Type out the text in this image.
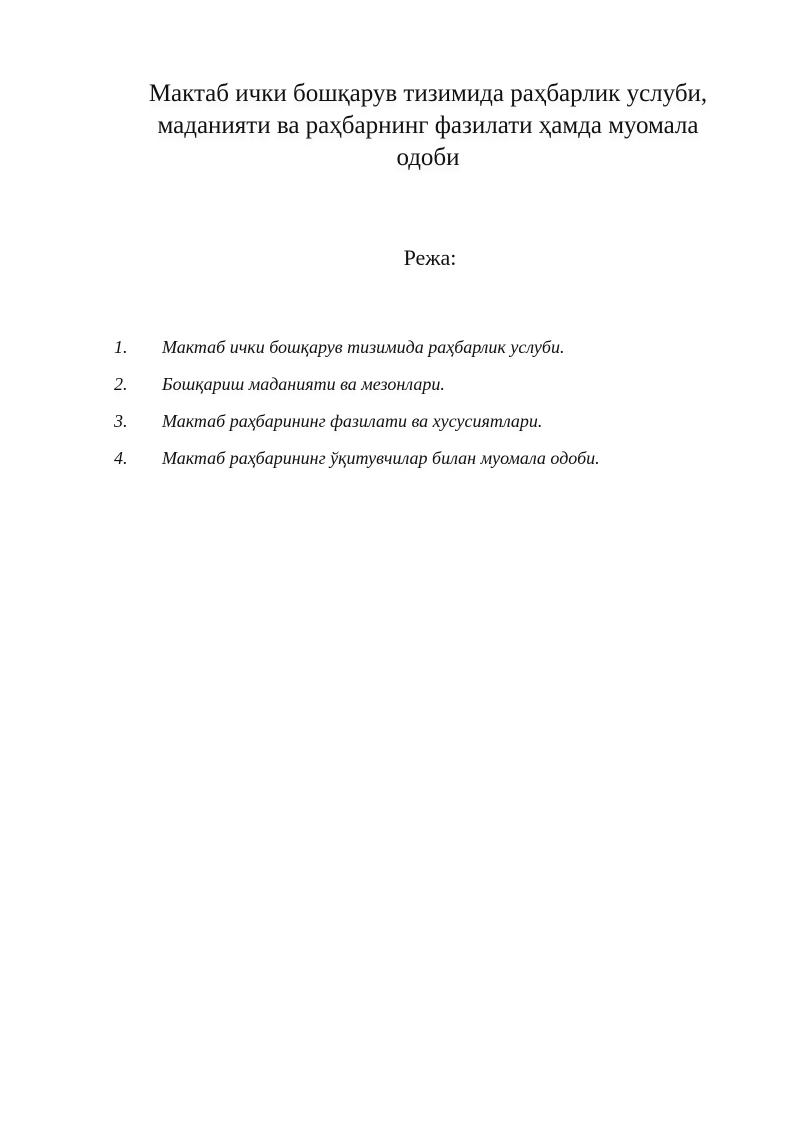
Мактаб ички бошқарув тизимида раҳбарлик услуби,
маданияти ва раҳбарнинг фазилати ҳамда муомала
одоби
Режа:
1. Мактаб ички бошқарув тизимида раҳбарлик услуби.
2. Бошқариш маданияти ва мезонлари.
3. Мактаб раҳбарининг фазилати ва хусусиятлари.
4. Мактаб раҳбарининг ўқитувчилар билан муомала одоби.
